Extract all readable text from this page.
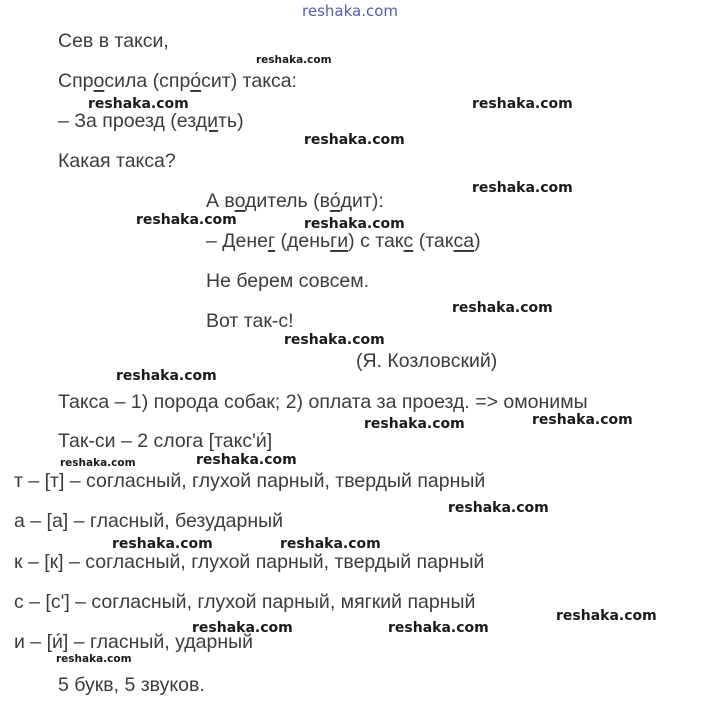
reshaka.com
reshaka.com
reshaka.com	reshaka.com
reshaka.com
reshaka.com
reshaka.com	reshaka.com
reshaka.com
reshaka.com
reshaka.com
reshaka.com	reshaka.com
reshaka.com	reshaka.com
reshaka.com
reshaka.com	reshaka.com
reshaka.com
reshaka.com	reshaka.com
reshaka.com
Сев в такси,
Спросила (спро́сит) такса:
– За проезд (ездить)
Какая такса?
А водитель (во́дит):
– Денег (деньги) с такс (такса)
Не берем совсем.
Вот так-с!
(Я. Козловский)
Такса – 1) порода собак; 2) оплата за проезд. => омонимы
Так-си – 2 слога [такс'и́]
т – [т] – согласный, глухой парный, твердый парный
а – [а] – гласный, безударный
к – [к] – согласный, глухой парный, твердый парный
с – [с'] – согласный, глухой парный, мягкий парный
и – [и́] – гласный, ударный
5 букв, 5 звуков.
